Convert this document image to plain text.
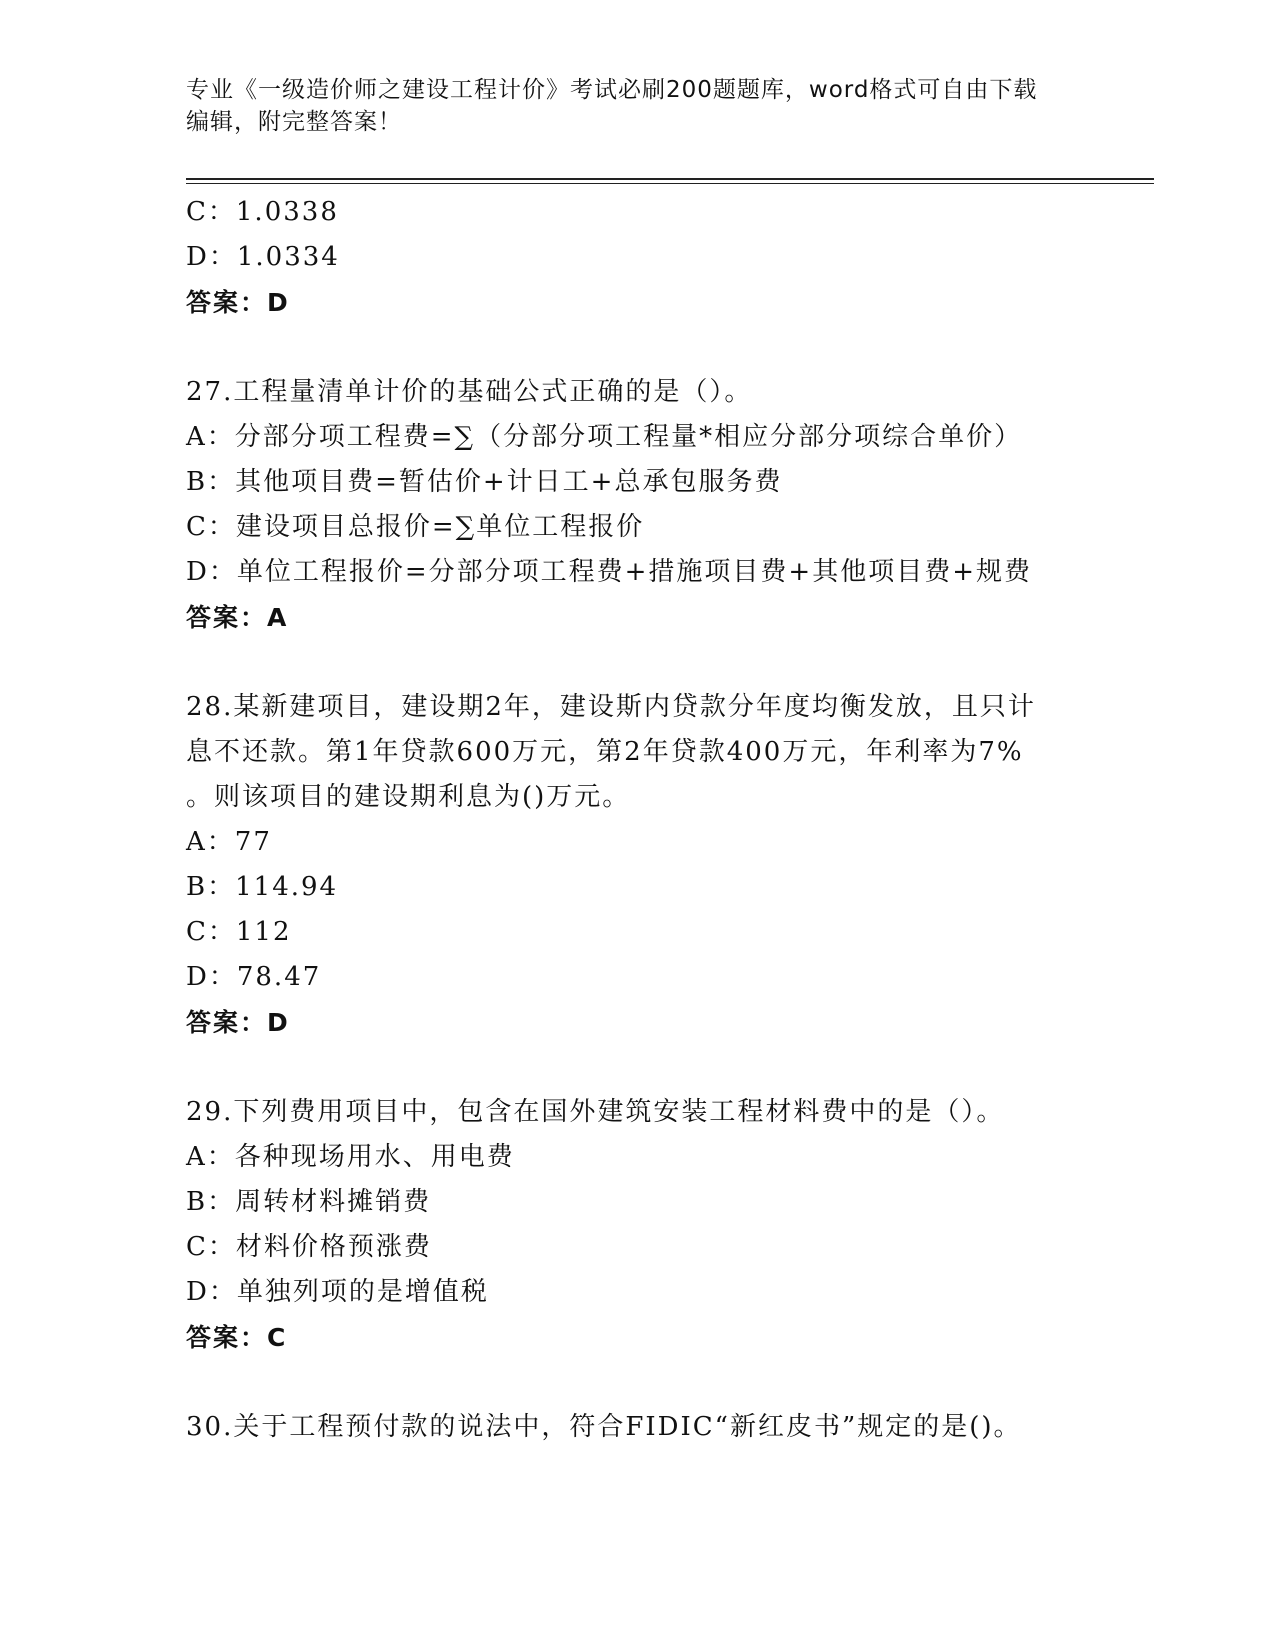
专业《一级造价师之建设工程计价》考试必刷200题题库，word格式可自由下载
编辑，附完整答案！
C：1.0338
D：1.0334
答案：D
27.工程量清单计价的基础公式正确的是（）。
A：分部分项工程费=∑（分部分项工程量*相应分部分项综合单价）
B：其他项目费=暂估价+计日工+总承包服务费
C：建设项目总报价=∑单位工程报价
D：单位工程报价=分部分项工程费+措施项目费+其他项目费+规费
答案：A
28.某新建项目，建设期2年，建设斯内贷款分年度均衡发放，且只计
息不还款。第1年贷款600万元，第2年贷款400万元，年利率为7%
。则该项目的建设期利息为()万元。
A：77
B：114.94
C：112
D：78.47
答案：D
29.下列费用项目中，包含在国外建筑安装工程材料费中的是（）。
A：各种现场用水、用电费
B：周转材料摊销费
C：材料价格预涨费
D：单独列项的是增值税
答案：C
30.关于工程预付款的说法中，符合FIDIC“新红皮书”规定的是()。
